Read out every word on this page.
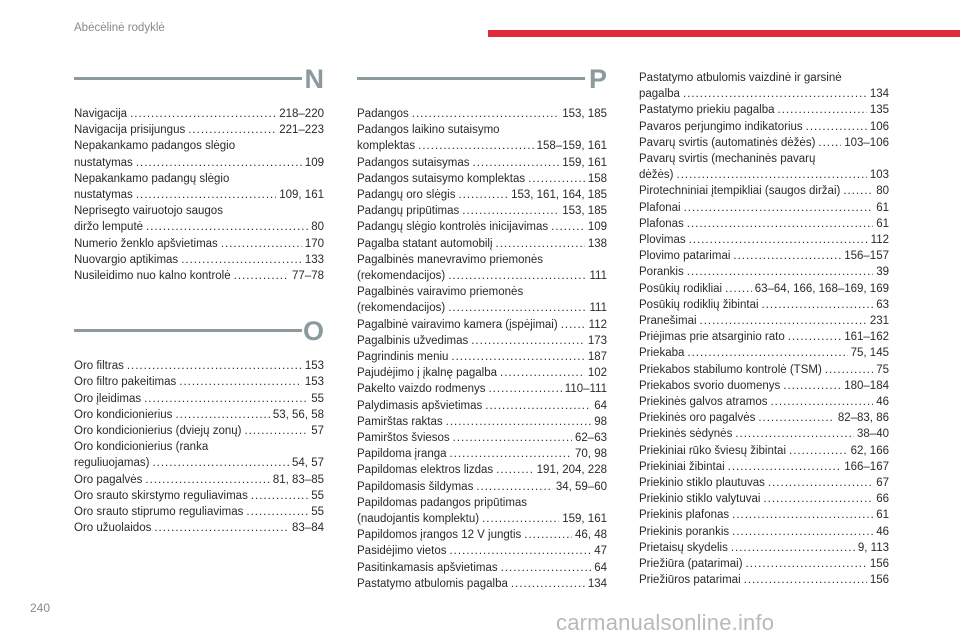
Abėcėlinė rodyklė
N
Navigacija .....	218–220
Navigacija prisijungus .....	221–223
Nepakankamo padangos slėgio
nustatymas .....	109
Nepakankamo padangų slėgio
nustatymas .....	109, 161
Neprisegto vairuotojo saugos
diržo lemputė .....	80
Numerio ženklo apšvietimas .....	170
Nuovargio aptikimas .....	133
Nusileidimo nuo kalno kontrolė .....	77–78
O
Oro filtras .....	153
Oro filtro pakeitimas .....	153
Oro įleidimas .....	55
Oro kondicionierius .....	53, 56, 58
Oro kondicionierius (dviejų zonų) .....	57
Oro kondicionierius (ranka
reguliuojamas) .....	54, 57
Oro pagalvės .....	81, 83–85
Oro srauto skirstymo reguliavimas .....	55
Oro srauto stiprumo reguliavimas .....	55
Oro užuolaidos .....	83–84
P
Padangos .....	153, 185
Padangos laikino sutaisymo
komplektas .....	158–159, 161
Padangos sutaisymas .....	159, 161
Padangos sutaisymo komplektas .....	158
Padangų oro slėgis .....	153, 161, 164, 185
Padangų pripūtimas .....	153, 185
Padangų slėgio kontrolės inicijavimas .....	109
Pagalba statant automobilį .....	138
Pagalbinės manevravimo priemonės
(rekomendacijos) .....	111
Pagalbinės vairavimo priemonės
(rekomendacijos) .....	111
Pagalbinė vairavimo kamera (įspėjimai) .....	112
Pagalbinis užvedimas .....	173
Pagrindinis meniu .....	187
Pajudėjimo į įkalnę pagalba .....	102
Pakelto vaizdo rodmenys .....	110–111
Palydimasis apšvietimas .....	64
Pamirštas raktas .....	98
Pamirštos šviesos .....	62–63
Papildoma įranga .....	70, 98
Papildomas elektros lizdas .....	191, 204, 228
Papildomasis šildymas .....	34, 59–60
Papildomas padangos pripūtimas
(naudojantis komplektu) .....	159, 161
Papildomos įrangos 12 V jungtis .....	46, 48
Pasidėjimo vietos .....	47
Pasitinkamasis apšvietimas .....	64
Pastatymo atbulomis pagalba .....	134
Pastatymo atbulomis vaizdinė ir garsinė
pagalba .....	134
Pastatymo priekiu pagalba .....	135
Pavaros perjungimo indikatorius .....	106
Pavarų svirtis (automatinės dėžės) .....	103–106
Pavarų svirtis (mechaninės pavarų
dėžės) .....	103
Pirotechniniai įtempikliai (saugos diržai) .....	80
Plafonai .....	61
Plafonas .....	61
Plovimas .....	112
Plovimo patarimai .....	156–157
Porankis .....	39
Posūkių rodikliai .....	63–64, 166, 168–169, 169
Posūkių rodiklių žibintai .....	63
Pranešimai .....	231
Priėjimas prie atsarginio rato .....	161–162
Priekaba .....	75, 145
Priekabos stabilumo kontrolė (TSM) .....	75
Priekabos svorio duomenys .....	180–184
Priekinės galvos atramos .....	46
Priekinės oro pagalvės .....	82–83, 86
Priekinės sėdynės .....	38–40
Priekiniai rūko šviesų žibintai .....	62, 166
Priekiniai žibintai .....	166–167
Priekinio stiklo plautuvas .....	67
Priekinio stiklo valytuvai .....	66
Priekinis plafonas .....	61
Priekinis porankis .....	46
Prietaisų skydelis .....	9, 113
Priežiūra (patarimai) .....	156
Priežiūros patarimai .....	156
240
carmanualsonline.info
